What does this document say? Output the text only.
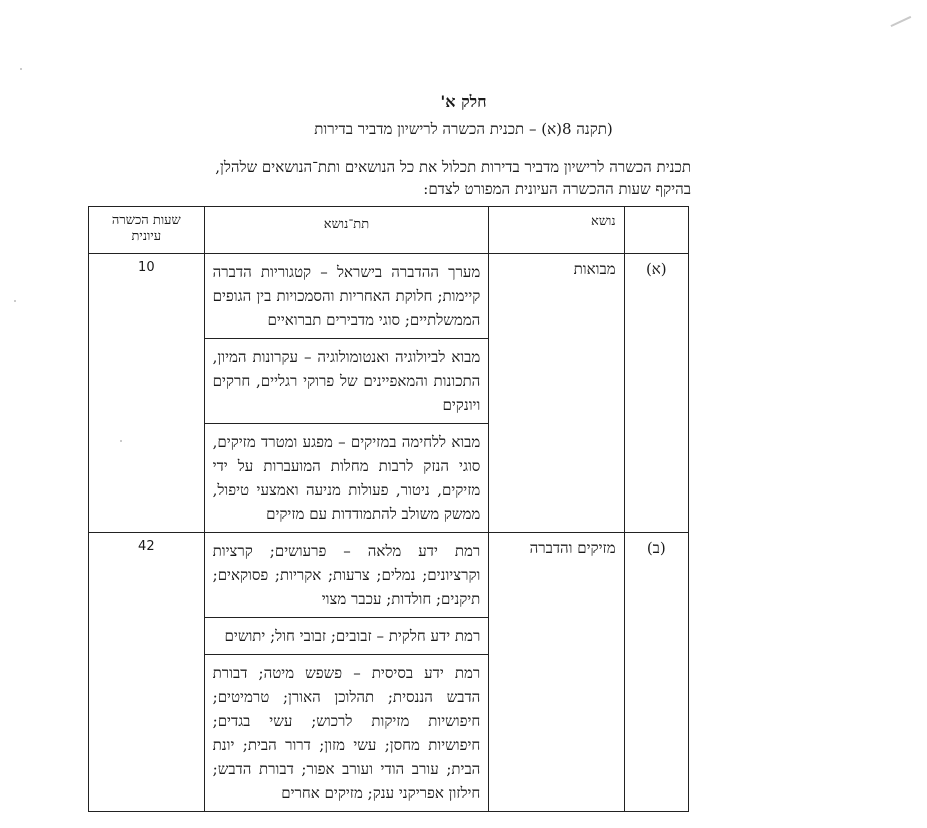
חלק א'
(תקנה 8(א) – תכנית הכשרה לרישיון מדביר בדירות
תכנית הכשרה לרישיון מדביר בדירות תכלול את כל הנושאים ותת־הנושאים שלהלן,
בהיקף שעות ההכשרה העיונית המפורט לצדם:
	נושא	תת־נושא	שעות הכשרה עיונית
(א)	מבואות	מערך ההדברה בישראל – קטגוריות הדברה קיימות; חלוקת האחריות והסמכויות בין הגופים הממשלתיים; סוגי מדבירים תברואיים	10
		מבוא לביולוגיה ואנטומולוגיה – עקרונות המיון, התכונות והמאפיינים של פרוקי רגליים, חרקים ויונקים	
		מבוא ללחימה במזיקים – מפגע ומטרד מזיקים, סוגי הנזק לרבות מחלות המועברות על ידי מזיקים, ניטור, פעולות מניעה ואמצעי טיפול, ממשק משולב להתמודדות עם מזיקים	
(ב)	מזיקים והדברה	רמת ידע מלאה – פרעושים; קרציות וקרציונים; נמלים; צרעות; אקריות; פסוקאים; תיקנים; חולדות; עכבר מצוי	42
		רמת ידע חלקית – זבובים; זבובי חול; יתושים	
		רמת ידע בסיסית – פשפש מיטה; דבורת הדבש הננסית; תהלוכן האורן; טרמיטים; חיפושיות מזיקות לרכוש; עשי בגדים; חיפושיות מחסן; עשי מזון; דרור הבית; יונת הבית; עורב הודי ועורב אפור; דבורת הדבש; חילזון אפריקני ענק; מזיקים אחרים	
